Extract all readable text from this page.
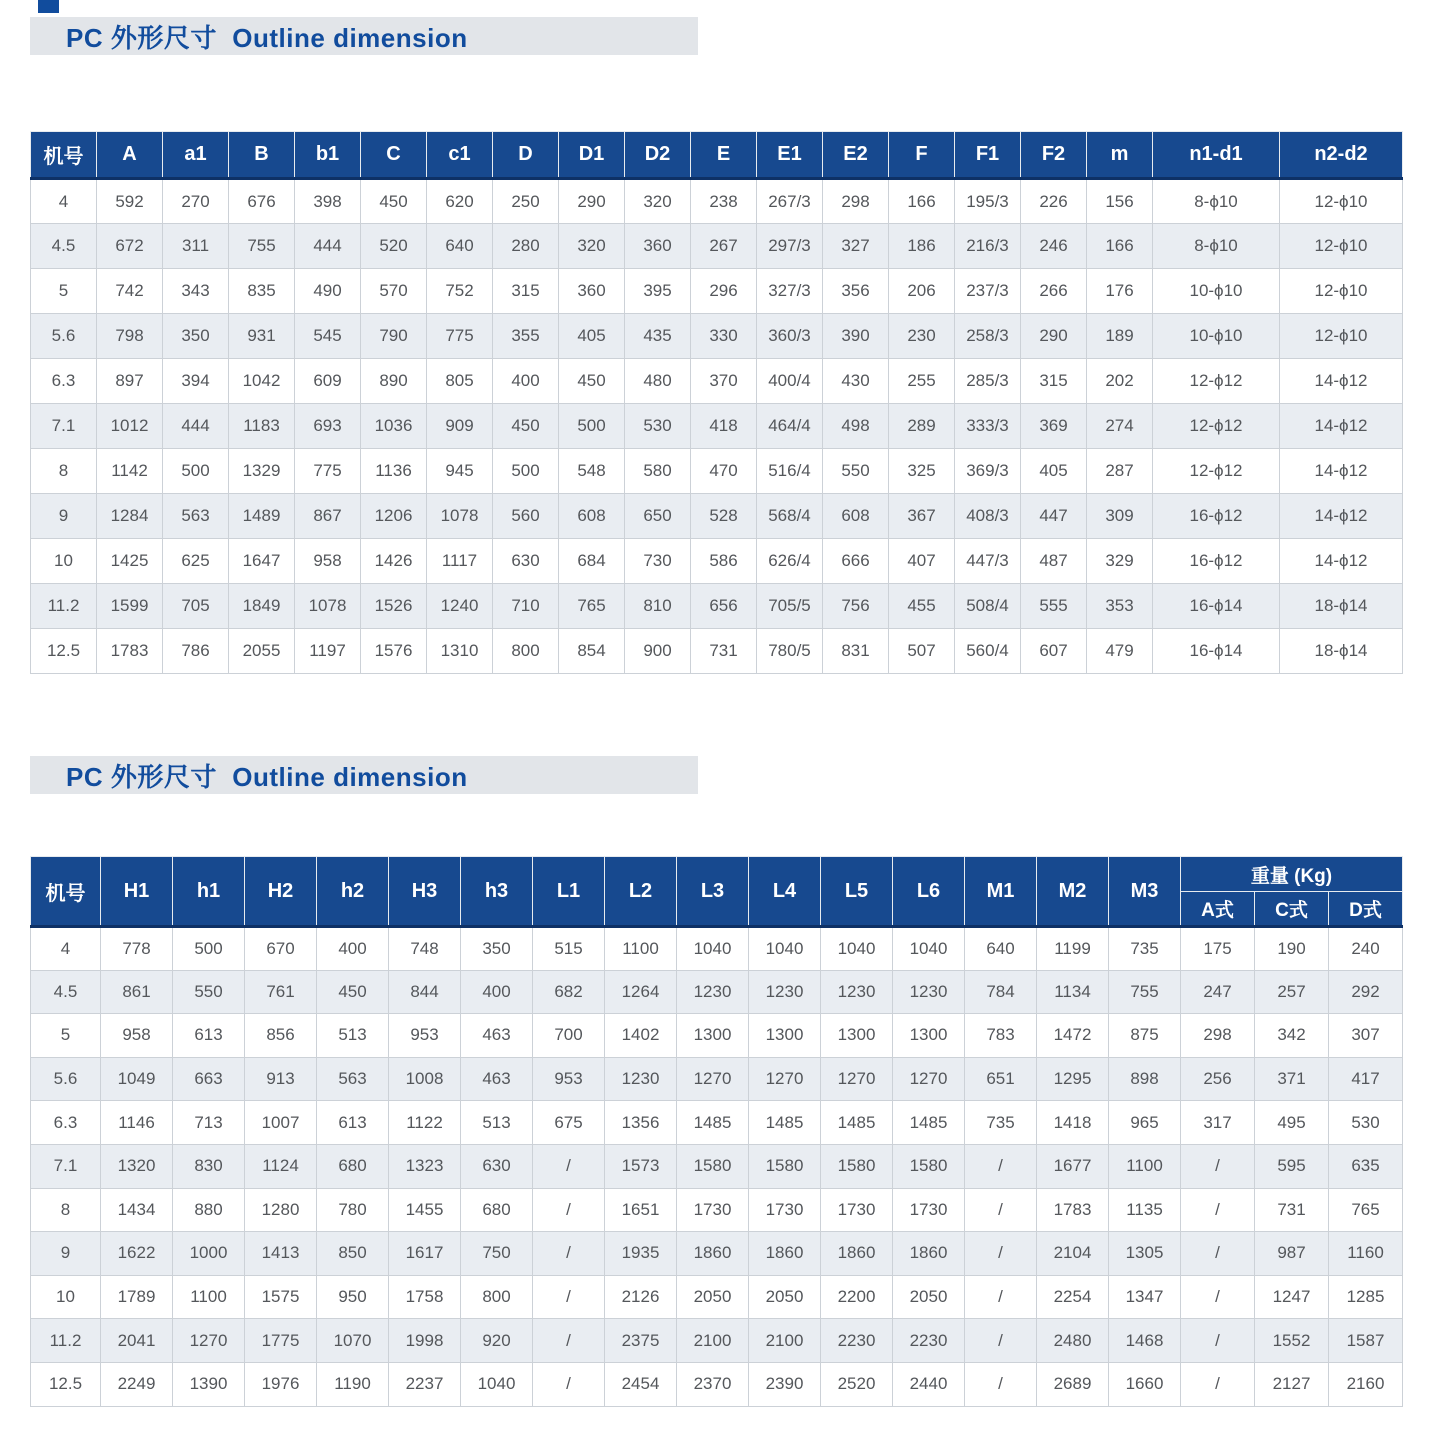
PC 外形尺寸  Outline dimension
机号	A	a1	B	b1	C	c1	D	D1	D2	E	E1	E2	F	F1	F2	m	n1-d1	n2-d2
4	592	270	676	398	450	620	250	290	320	238	267/3	298	166	195/3	226	156	8-ϕ10	12-ϕ10
4.5	672	311	755	444	520	640	280	320	360	267	297/3	327	186	216/3	246	166	8-ϕ10	12-ϕ10
5	742	343	835	490	570	752	315	360	395	296	327/3	356	206	237/3	266	176	10-ϕ10	12-ϕ10
5.6	798	350	931	545	790	775	355	405	435	330	360/3	390	230	258/3	290	189	10-ϕ10	12-ϕ10
6.3	897	394	1042	609	890	805	400	450	480	370	400/4	430	255	285/3	315	202	12-ϕ12	14-ϕ12
7.1	1012	444	1183	693	1036	909	450	500	530	418	464/4	498	289	333/3	369	274	12-ϕ12	14-ϕ12
8	1142	500	1329	775	1136	945	500	548	580	470	516/4	550	325	369/3	405	287	12-ϕ12	14-ϕ12
9	1284	563	1489	867	1206	1078	560	608	650	528	568/4	608	367	408/3	447	309	16-ϕ12	14-ϕ12
10	1425	625	1647	958	1426	1117	630	684	730	586	626/4	666	407	447/3	487	329	16-ϕ12	14-ϕ12
11.2	1599	705	1849	1078	1526	1240	710	765	810	656	705/5	756	455	508/4	555	353	16-ϕ14	18-ϕ14
12.5	1783	786	2055	1197	1576	1310	800	854	900	731	780/5	831	507	560/4	607	479	16-ϕ14	18-ϕ14
PC 外形尺寸  Outline dimension
机号	H1	h1	H2	h2	H3	h3	L1	L2	L3	L4	L5	L6	M1	M2	M3	重量 (Kg)		
																A式	C式	D式
4	778	500	670	400	748	350	515	1100	1040	1040	1040	1040	640	1199	735	175	190	240
4.5	861	550	761	450	844	400	682	1264	1230	1230	1230	1230	784	1134	755	247	257	292
5	958	613	856	513	953	463	700	1402	1300	1300	1300	1300	783	1472	875	298	342	307
5.6	1049	663	913	563	1008	463	953	1230	1270	1270	1270	1270	651	1295	898	256	371	417
6.3	1146	713	1007	613	1122	513	675	1356	1485	1485	1485	1485	735	1418	965	317	495	530
7.1	1320	830	1124	680	1323	630	/	1573	1580	1580	1580	1580	/	1677	1100	/	595	635
8	1434	880	1280	780	1455	680	/	1651	1730	1730	1730	1730	/	1783	1135	/	731	765
9	1622	1000	1413	850	1617	750	/	1935	1860	1860	1860	1860	/	2104	1305	/	987	1160
10	1789	1100	1575	950	1758	800	/	2126	2050	2050	2200	2050	/	2254	1347	/	1247	1285
11.2	2041	1270	1775	1070	1998	920	/	2375	2100	2100	2230	2230	/	2480	1468	/	1552	1587
12.5	2249	1390	1976	1190	2237	1040	/	2454	2370	2390	2520	2440	/	2689	1660	/	2127	2160
